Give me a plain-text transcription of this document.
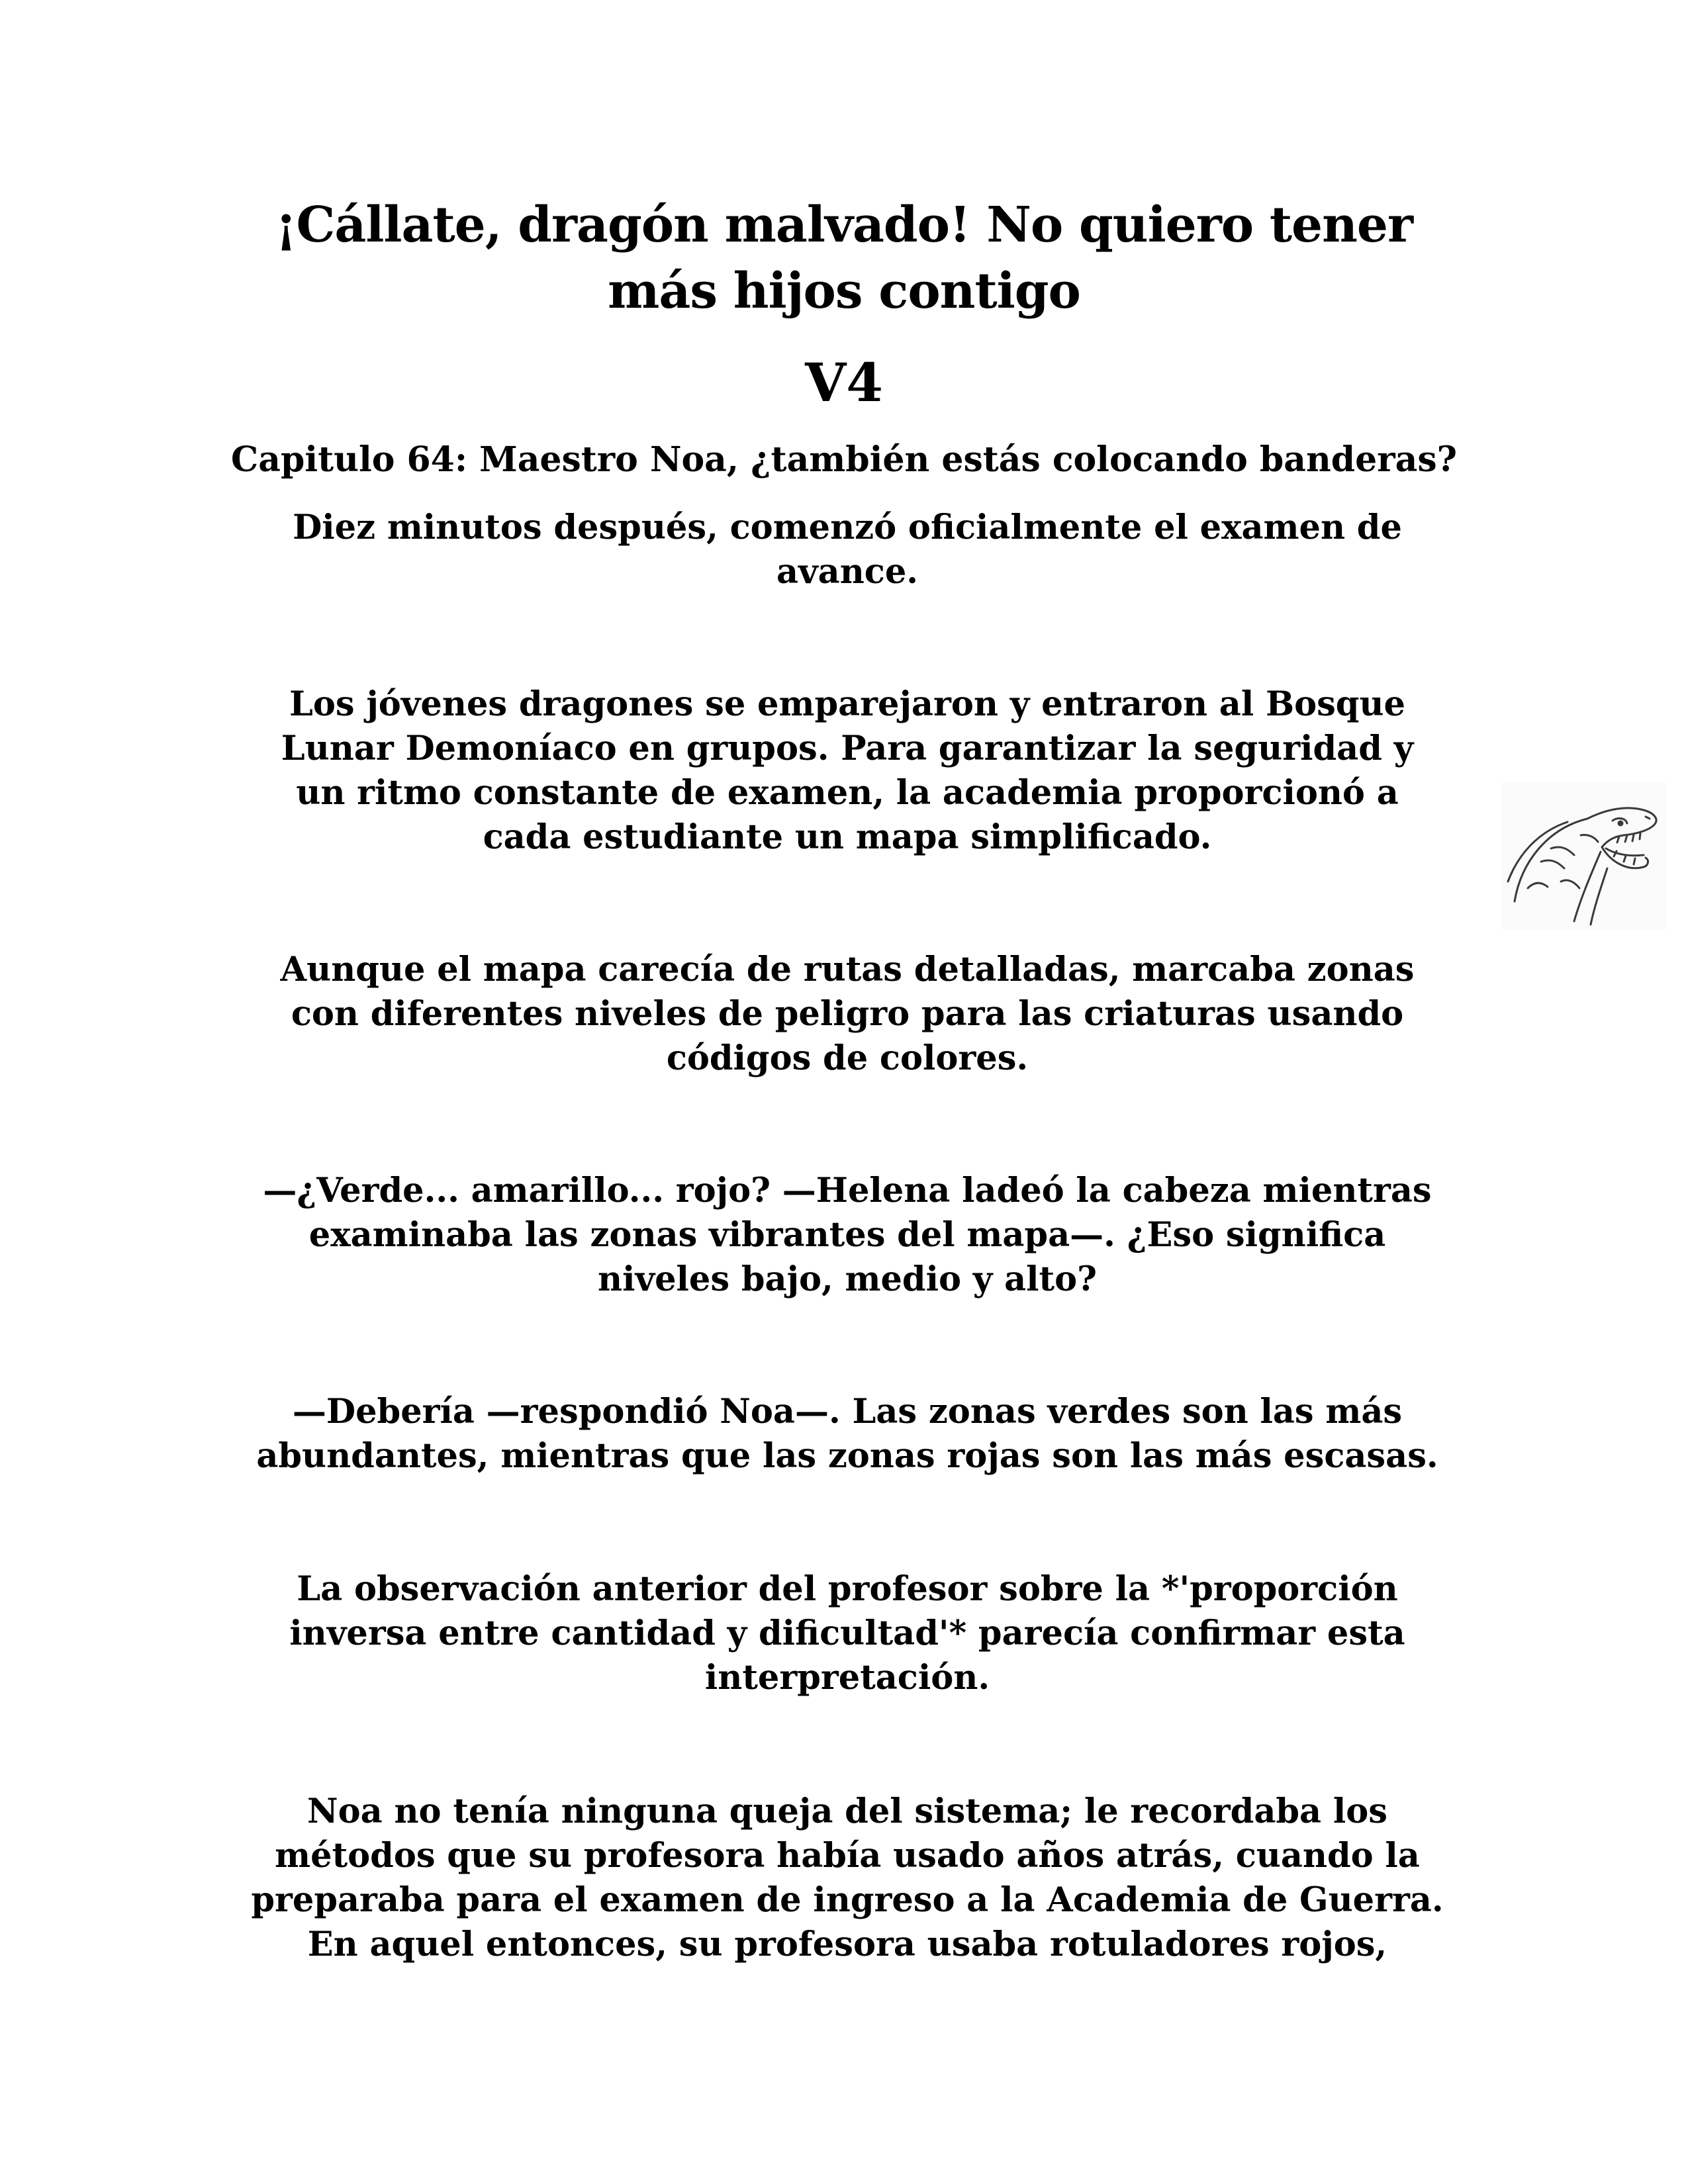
¡Cállate, dragón malvado! No quiero tener
más hijos contigo
V4
Capitulo 64: Maestro Noa, ¿también estás colocando banderas?

Diez minutos después, comenzó oficialmente el examen de
avance.

Los jóvenes dragones se emparejaron y entraron al Bosque
Lunar Demoníaco en grupos. Para garantizar la seguridad y
un ritmo constante de examen, la academia proporcionó a
cada estudiante un mapa simplificado.

Aunque el mapa carecía de rutas detalladas, marcaba zonas
con diferentes niveles de peligro para las criaturas usando
códigos de colores.

—¿Verde... amarillo... rojo? —Helena ladeó la cabeza mientras
examinaba las zonas vibrantes del mapa—. ¿Eso significa
niveles bajo, medio y alto?

—Debería —respondió Noa—. Las zonas verdes son las más
abundantes, mientras que las zonas rojas son las más escasas.

La observación anterior del profesor sobre la *'proporción
inversa entre cantidad y dificultad'* parecía confirmar esta
interpretación.

Noa no tenía ninguna queja del sistema; le recordaba los
métodos que su profesora había usado años atrás, cuando la
preparaba para el examen de ingreso a la Academia de Guerra.
En aquel entonces, su profesora usaba rotuladores rojos,
